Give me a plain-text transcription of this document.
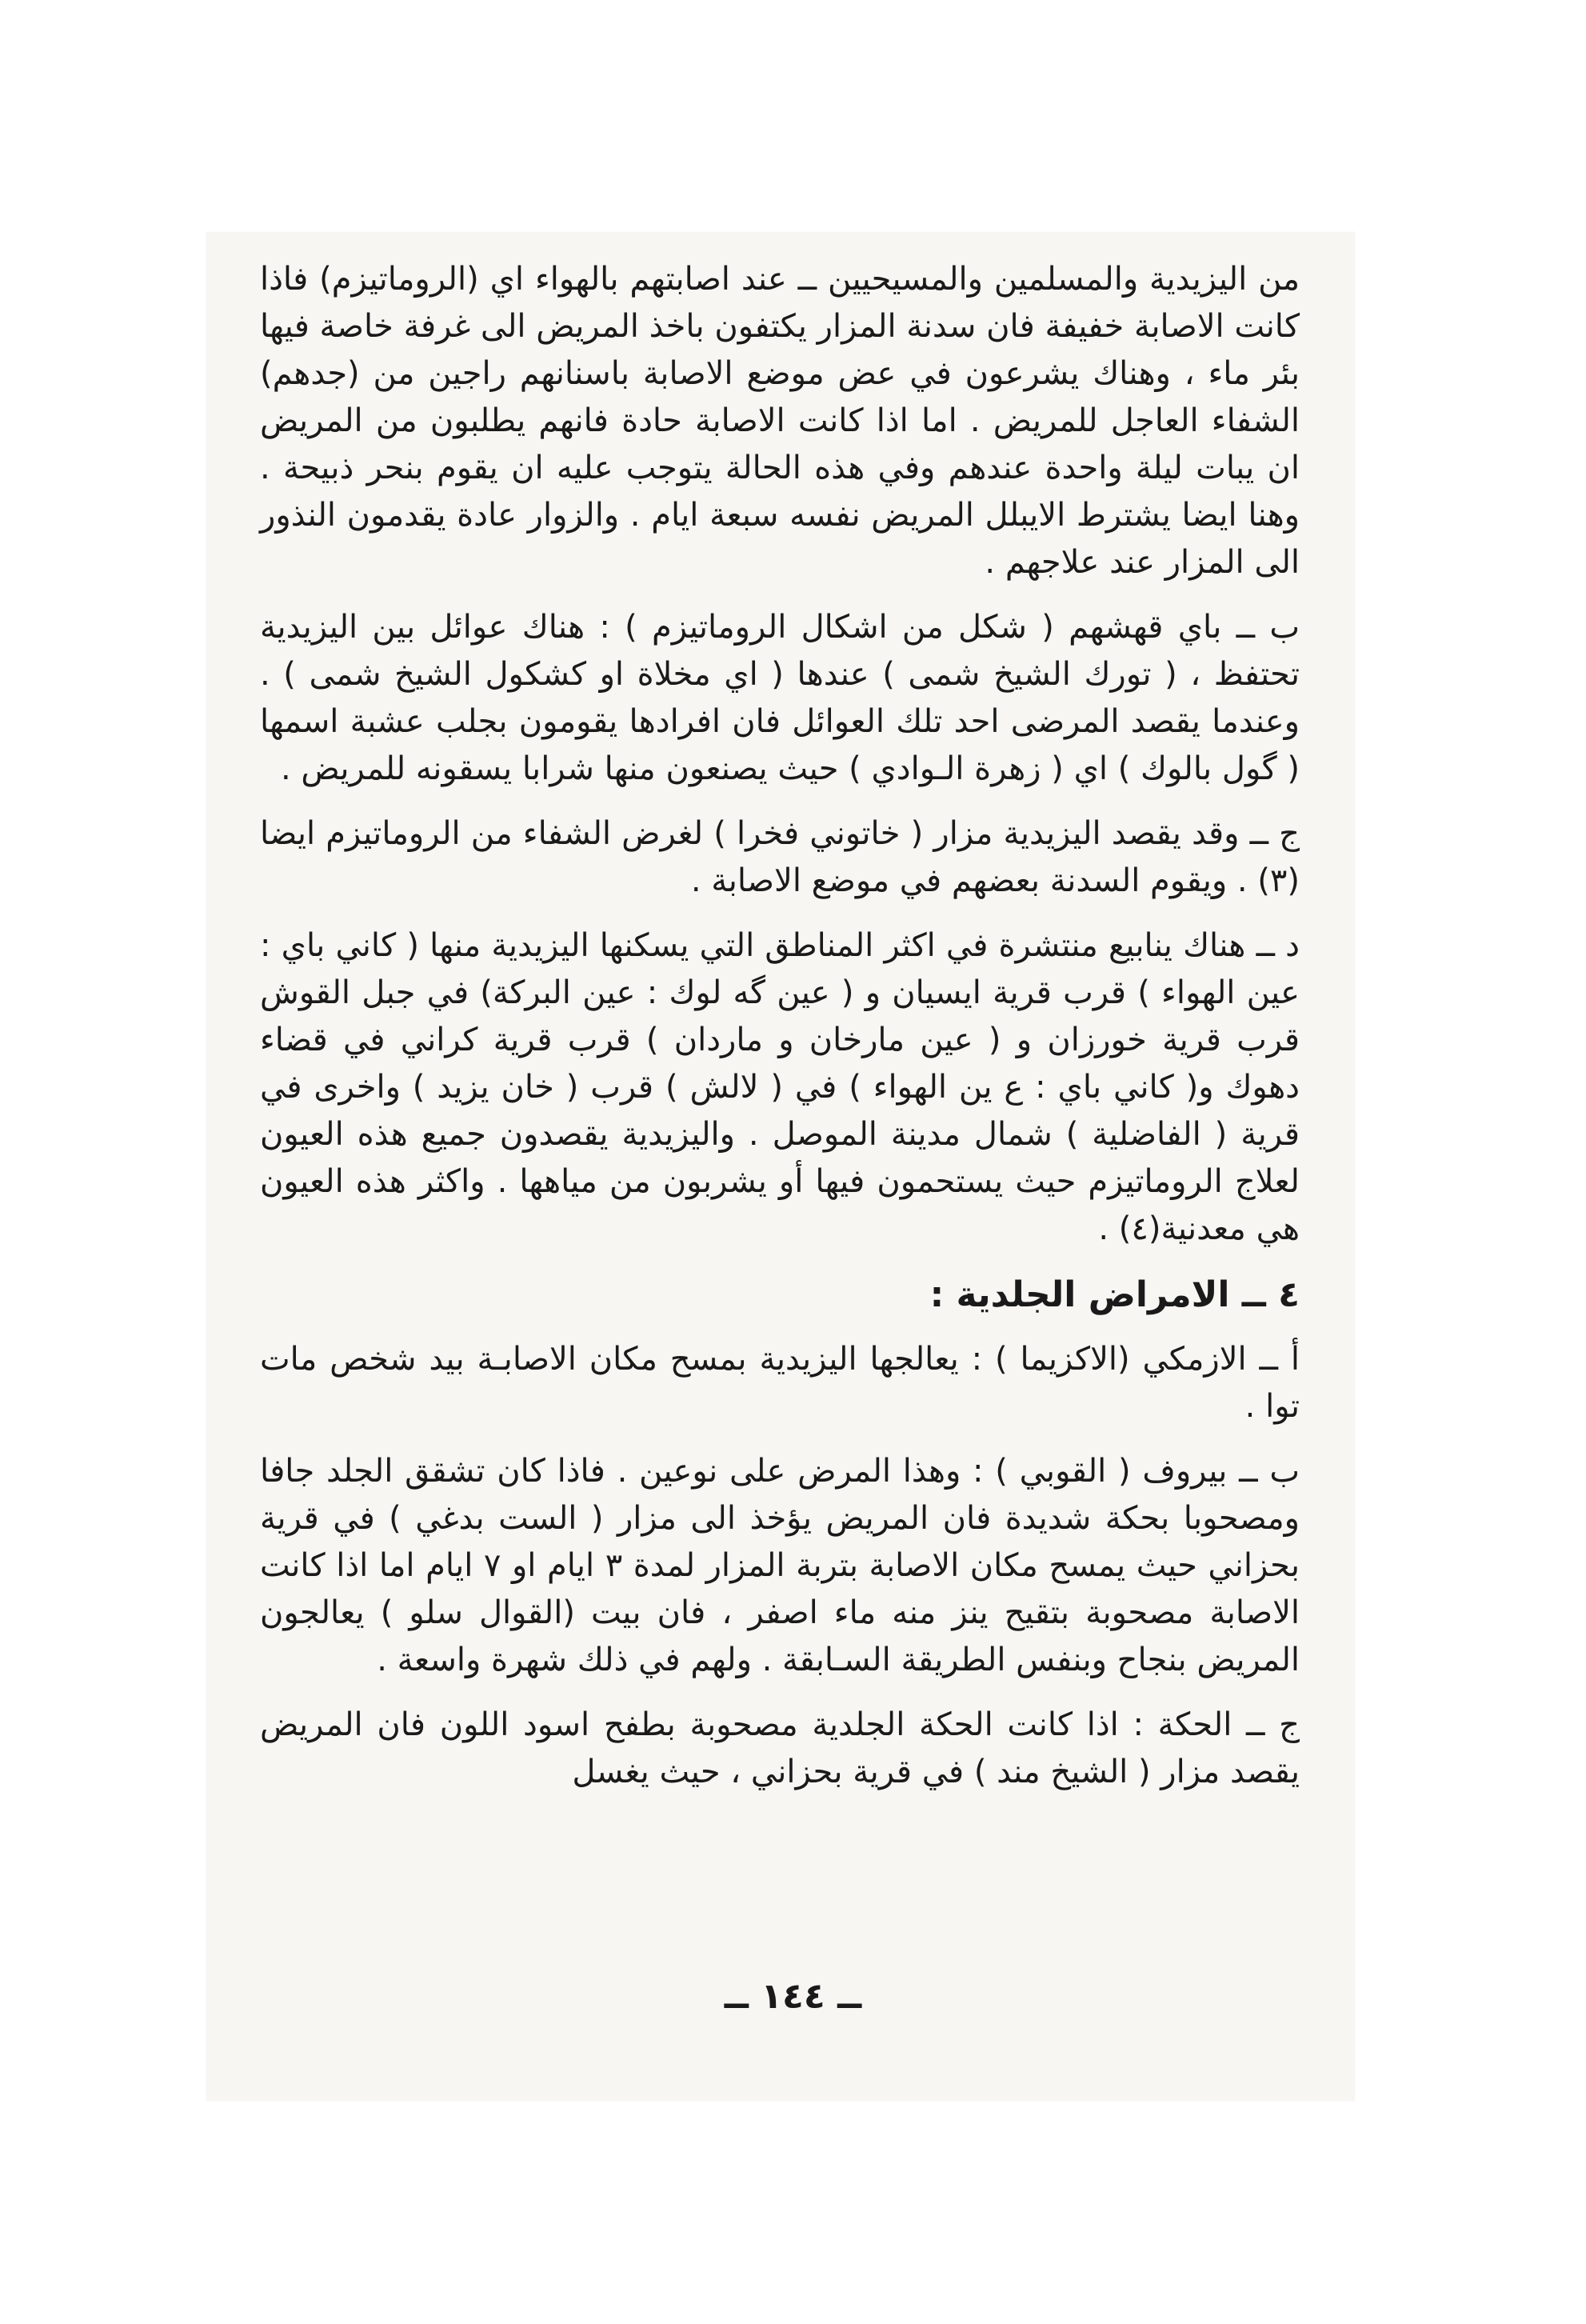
من اليزيدية والمسلمين والمسيحيين ــ عند اصابتهم بالهواء اي (الروماتيزم) فاذا كانت الاصابة خفيفة فان سدنة المزار يكتفون باخذ المريض الى غرفة خاصة فيها بئر ماء ، وهناك يشرعون في عض موضع الاصابة باسنانهم راجين من (جدهم) الشفاء العاجل للمريض . اما اذا كانت الاصابة حادة فانهم يطلبون من المريض ان يبات ليلة واحدة عندهم وفي هذه الحالة يتوجب عليه ان يقوم بنحر ذبيحة . وهنا ايضا يشترط الايبلل المريض نفسه سبعة ايام . والزوار عادة يقدمون النذور الى المزار عند علاجهم .

ب ــ باي قهشهم ( شكل من اشكال الروماتيزم ) : هناك عوائل بين اليزيدية تحتفظ ، ( تورك الشيخ شمى ) عندها ( اي مخلاة او كشكول الشيخ شمى ) . وعندما يقصد المرضى احد تلك العوائل فان افرادها يقومون بجلب عشبة اسمها ( گول بالوك ) اي ( زهرة الـوادي ) حيث يصنعون منها شرابا يسقونه للمريض .

ج ــ وقد يقصد اليزيدية مزار ( خاتوني فخرا ) لغرض الشفاء من الروماتيزم ايضا (٣) . ويقوم السدنة بعضهم في موضع الاصابة .

د ــ هناك ينابيع منتشرة في اكثر المناطق التي يسكنها اليزيدية منها ( كاني باي : عين الهواء ) قرب قرية ايسيان و ( عين گه لوك : عين البركة) في جبل القوش قرب قرية خورزان و ( عين مارخان و ماردان ) قرب قرية كراني في قضاء دهوك و( كاني باي : ع ين الهواء ) في ( لالش ) قرب ( خان يزيد ) واخرى في قرية ( الفاضلية ) شمال مدينة الموصل . واليزيدية يقصدون جميع هذه العيون لعلاج الروماتيزم حيث يستحمون فيها أو يشربون من مياهها . واكثر هذه العيون هي معدنية(٤) .

٤ ــ الامراض الجلدية :

أ ــ الازمكي (الاكزيما ) : يعالجها اليزيدية بمسح مكان الاصابـة بيد شخص مات توا .

ب ــ بيروف ( القوبي ) : وهذا المرض على نوعين . فاذا كان تشقق الجلد جافا ومصحوبا بحكة شديدة فان المريض يؤخذ الى مزار ( الست بدغي ) في قرية بحزاني حيث يمسح مكان الاصابة بتربة المزار لمدة ٣ ايام او ٧ ايام اما اذا كانت الاصابة مصحوبة بتقيح ينز منه ماء اصفر ، فان بيت (القوال سلو ) يعالجون المريض بنجاح وبنفس الطريقة السـابقة . ولهم في ذلك شهرة واسعة .

ج ــ الحكة : اذا كانت الحكة الجلدية مصحوبة بطفح اسود اللون فان المريض يقصد مزار ( الشيخ مند ) في قرية بحزاني ، حيث يغسل

ــ ١٤٤ ــ
